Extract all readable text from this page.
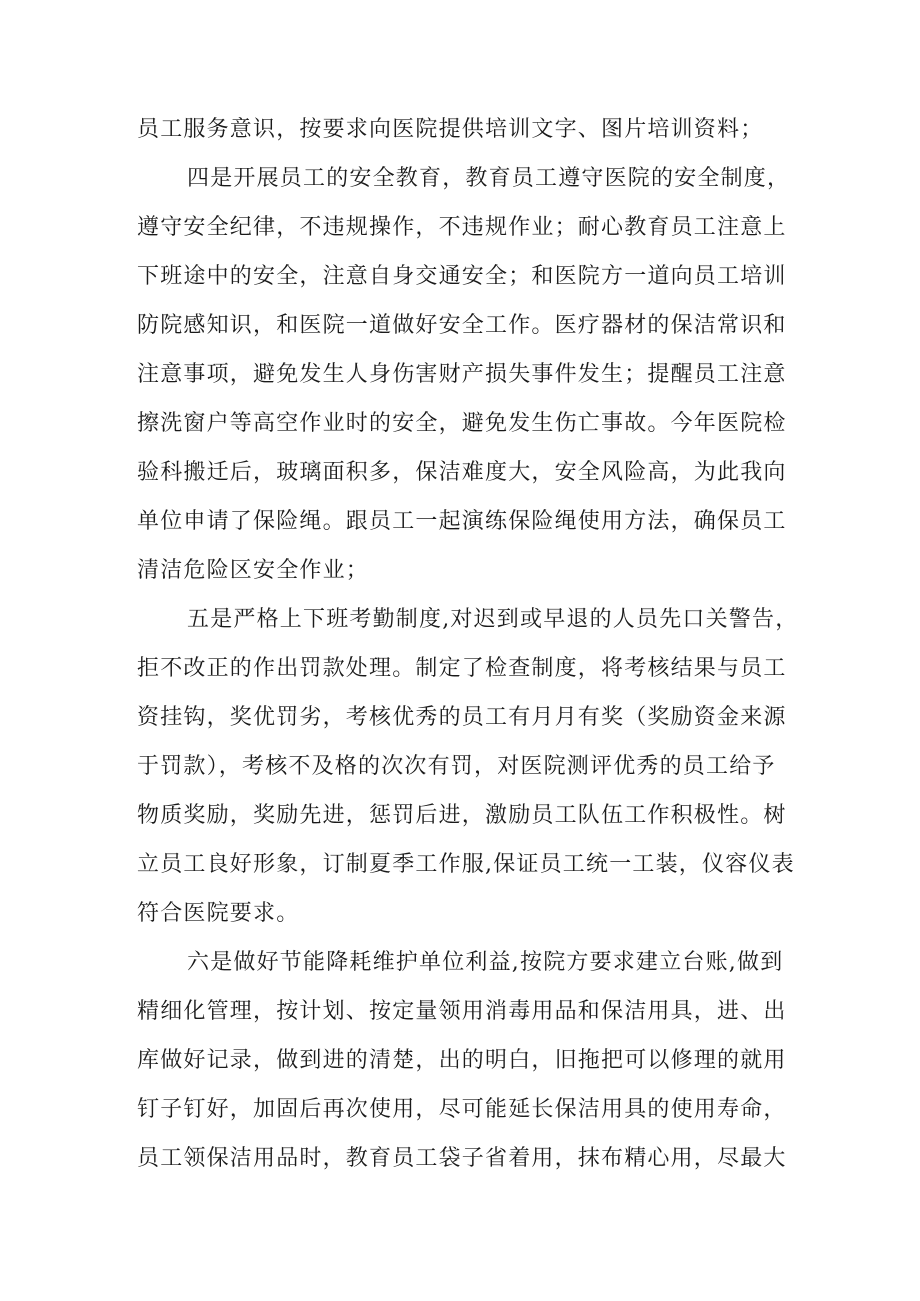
员工服务意识，按要求向医院提供培训文字、图片培训资料；
四是开展员工的安全教育，教育员工遵守医院的安全制度，
遵守安全纪律，不违规操作，不违规作业；耐心教育员工注意上
下班途中的安全，注意自身交通安全；和医院方一道向员工培训
防院感知识，和医院一道做好安全工作。医疗器材的保洁常识和
注意事项，避免发生人身伤害财产损失事件发生；提醒员工注意
擦洗窗户等高空作业时的安全，避免发生伤亡事故。今年医院检
验科搬迁后，玻璃面积多，保洁难度大，安全风险高，为此我向
单位申请了保险绳。跟员工一起演练保险绳使用方法，确保员工
清洁危险区安全作业；
五是严格上下班考勤制度,对迟到或早退的人员先口关警告，
拒不改正的作出罚款处理。制定了检查制度，将考核结果与员工
资挂钩，奖优罚劣，考核优秀的员工有月月有奖（奖励资金来源
于罚款），考核不及格的次次有罚，对医院测评优秀的员工给予
物质奖励，奖励先进，惩罚后进，激励员工队伍工作积极性。树
立员工良好形象，订制夏季工作服,保证员工统一工装，仪容仪表
符合医院要求。
六是做好节能降耗维护单位利益,按院方要求建立台账,做到
精细化管理，按计划、按定量领用消毒用品和保洁用具，进、出
库做好记录，做到进的清楚，出的明白，旧拖把可以修理的就用
钉子钉好，加固后再次使用，尽可能延长保洁用具的使用寿命，
员工领保洁用品时，教育员工袋子省着用，抹布精心用，尽最大
